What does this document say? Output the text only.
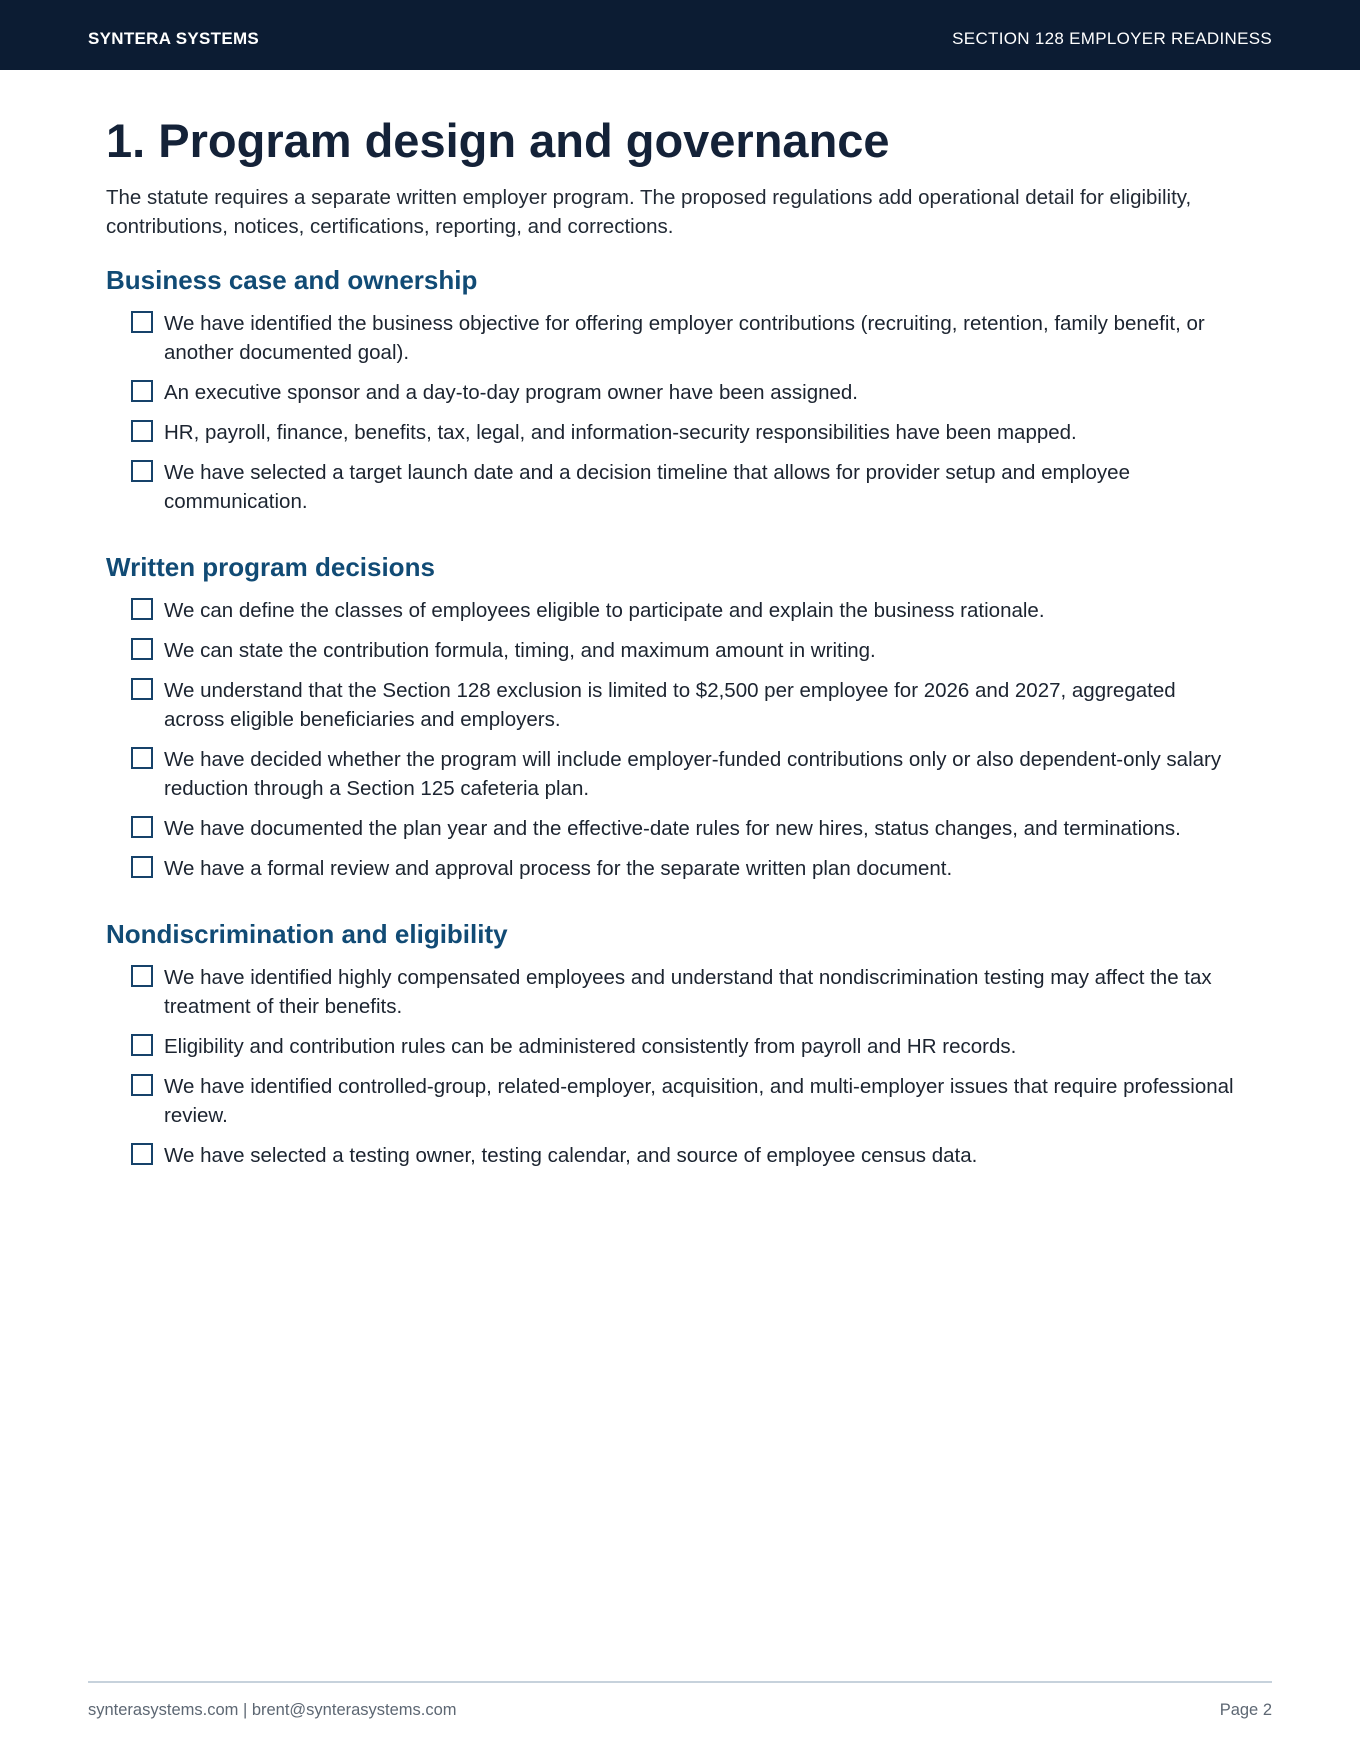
SYNTERA SYSTEMS	SECTION 128 EMPLOYER READINESS
1. Program design and governance

The statute requires a separate written employer program. The proposed regulations add operational detail for eligibility, contributions, notices, certifications, reporting, and corrections.

Business case and ownership
We have identified the business objective for offering employer contributions (recruiting, retention, family benefit, or another documented goal).
An executive sponsor and a day-to-day program owner have been assigned.
HR, payroll, finance, benefits, tax, legal, and information-security responsibilities have been mapped.
We have selected a target launch date and a decision timeline that allows for provider setup and employee communication.
Written program decisions
We can define the classes of employees eligible to participate and explain the business rationale.
We can state the contribution formula, timing, and maximum amount in writing.
We understand that the Section 128 exclusion is limited to $2,500 per employee for 2026 and 2027, aggregated across eligible beneficiaries and employers.
We have decided whether the program will include employer-funded contributions only or also dependent-only salary reduction through a Section 125 cafeteria plan.
We have documented the plan year and the effective-date rules for new hires, status changes, and terminations.
We have a formal review and approval process for the separate written plan document.
Nondiscrimination and eligibility
We have identified highly compensated employees and understand that nondiscrimination testing may affect the tax treatment of their benefits.
Eligibility and contribution rules can be administered consistently from payroll and HR records.
We have identified controlled-group, related-employer, acquisition, and multi-employer issues that require professional review.
We have selected a testing owner, testing calendar, and source of employee census data.
synterasystems.com | brent@synterasystems.com	Page 2
